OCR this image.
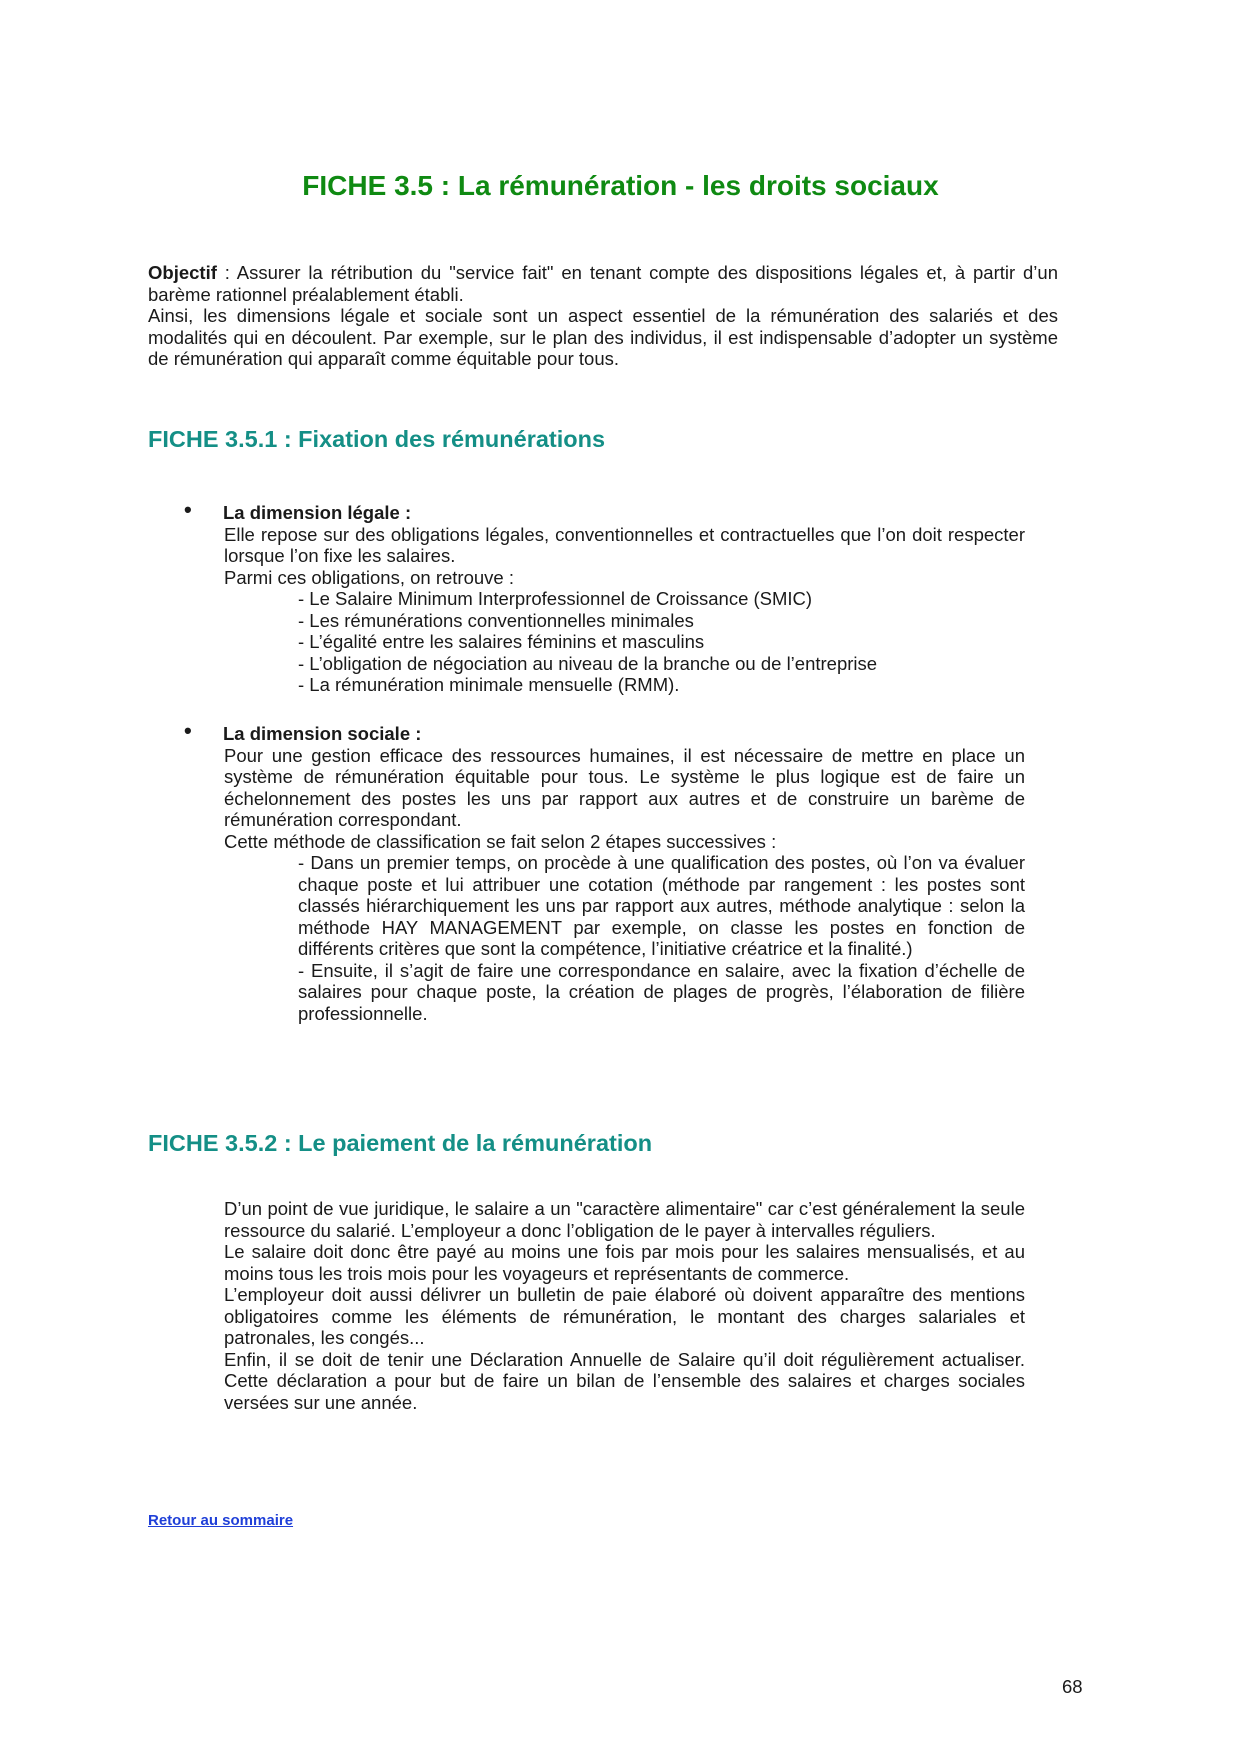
FICHE 3.5 : La rémunération - les droits sociaux

Objectif : Assurer la rétribution du "service fait" en tenant compte des dispositions légales et, à partir d’un barème rationnel préalablement établi.

Ainsi, les dimensions légale et sociale sont un aspect essentiel de la rémunération des salariés et des modalités qui en découlent. Par exemple, sur le plan des individus, il est indispensable d’adopter un système de rémunération qui apparaît comme équitable pour tous.

FICHE 3.5.1 : Fixation des rémunérations

• La dimension légale :

Elle repose sur des obligations légales, conventionnelles et contractuelles que l’on doit respecter lorsque l’on fixe les salaires.

Parmi ces obligations, on retrouve :

- Le Salaire Minimum Interprofessionnel de Croissance (SMIC)
- Les rémunérations conventionnelles minimales
- L’égalité entre les salaires féminins et masculins
- L’obligation de négociation au niveau de la branche ou de l’entreprise
- La rémunération minimale mensuelle (RMM).

• La dimension sociale :

Pour une gestion efficace des ressources humaines, il est nécessaire de mettre en place un système de rémunération équitable pour tous. Le système le plus logique est de faire un échelonnement des postes les uns par rapport aux autres et de construire un barème de rémunération correspondant.

Cette méthode de classification se fait selon 2 étapes successives :

- Dans un premier temps, on procède à une qualification des postes, où l’on va évaluer chaque poste et lui attribuer une cotation (méthode par rangement : les postes sont classés hiérarchiquement les uns par rapport aux autres, méthode analytique : selon la méthode HAY MANAGEMENT par exemple, on classe les postes en fonction de différents critères que sont la compétence, l’initiative créatrice et la finalité.)

- Ensuite, il s’agit de faire une correspondance en salaire, avec la fixation d’échelle de salaires pour chaque poste, la création de plages de progrès, l’élaboration de filière professionnelle.

FICHE 3.5.2 : Le paiement de la rémunération

D’un point de vue juridique, le salaire a un "caractère alimentaire" car c’est généralement la seule ressource du salarié. L’employeur a donc l’obligation de le payer à intervalles réguliers.

Le salaire doit donc être payé au moins une fois par mois pour les salaires mensualisés, et au moins tous les trois mois pour les voyageurs et représentants de commerce.

L’employeur doit aussi délivrer un bulletin de paie élaboré où doivent apparaître des mentions obligatoires comme les éléments de rémunération, le montant des charges salariales et patronales, les congés...

Enfin, il se doit de tenir une Déclaration Annuelle de Salaire qu’il doit régulièrement actualiser. Cette déclaration a pour but de faire un bilan de l’ensemble des salaires et charges sociales versées sur une année.

Retour au sommaire

68
